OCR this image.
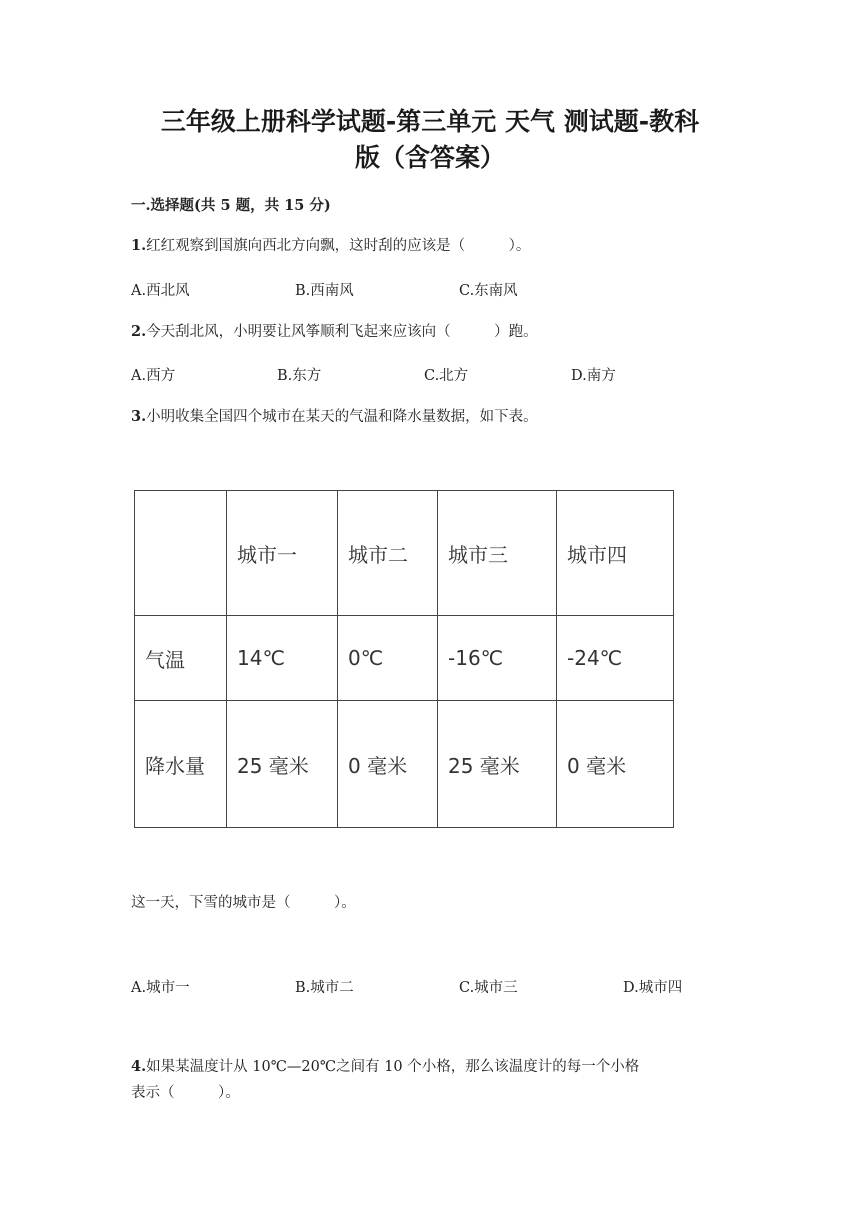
三年级上册科学试题-第三单元 天气 测试题-教科
版（含答案）
一.选择题(共 5 题，共 15 分)
1.红红观察到国旗向西北方向飘，这时刮的应该是（　　　）。
A.西北风	B.西南风	C.东南风
2.今天刮北风，小明要让风筝顺利飞起来应该向（　　　）跑。
A.西方	B.东方	C.北方	D.南方
3.小明收集全国四个城市在某天的气温和降水量数据，如下表。
	城市一	城市二	城市三	城市四
气温	14℃	0℃	-16℃	-24℃
降水量	25 毫米	0 毫米	25 毫米	0 毫米
这一天，下雪的城市是（　　　）。
A.城市一	B.城市二	C.城市三	D.城市四
4.如果某温度计从 10℃—20℃之间有 10 个小格，那么该温度计的每一个小格
表示（　　　）。
